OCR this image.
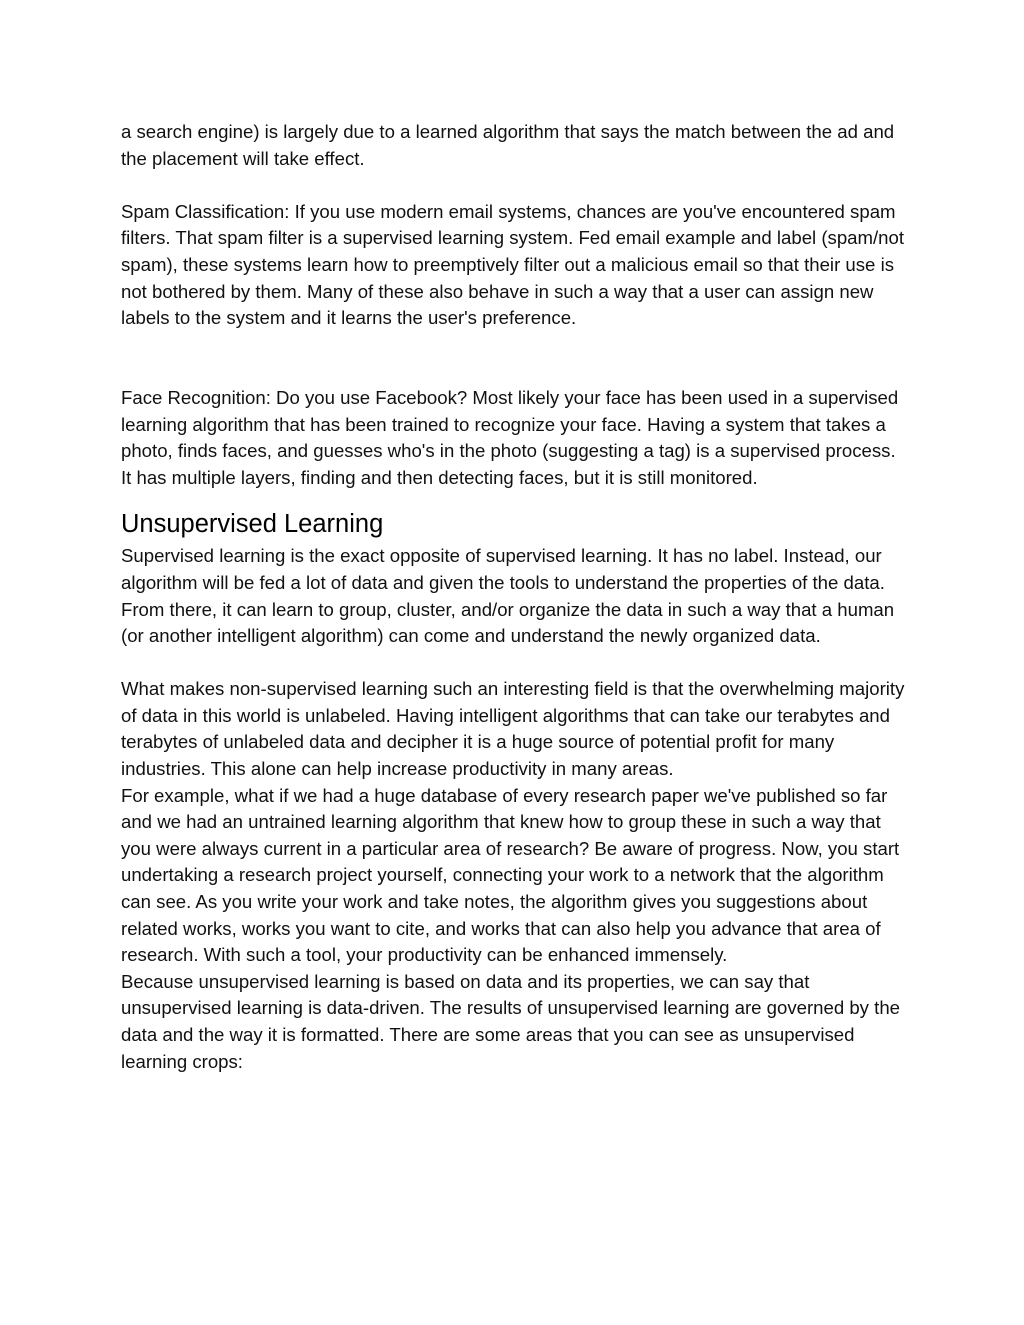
a search engine) is largely due to a learned algorithm that says the match between the ad and the placement will take effect.

Spam Classification: If you use modern email systems, chances are you've encountered spam filters. That spam filter is a supervised learning system. Fed email example and label (spam/not spam), these systems learn how to preemptively filter out a malicious email so that their use is not bothered by them. Many of these also behave in such a way that a user can assign new labels to the system and it learns the user's preference.

Face Recognition: Do you use Facebook? Most likely your face has been used in a supervised learning algorithm that has been trained to recognize your face. Having a system that takes a photo, finds faces, and guesses who's in the photo (suggesting a tag) is a supervised process. It has multiple layers, finding and then detecting faces, but it is still monitored.

Unsupervised Learning

Supervised learning is the exact opposite of supervised learning. It has no label. Instead, our algorithm will be fed a lot of data and given the tools to understand the properties of the data. From there, it can learn to group, cluster, and/or organize the data in such a way that a human (or another intelligent algorithm) can come and understand the newly organized data.

What makes non-supervised learning such an interesting field is that the overwhelming majority of data in this world is unlabeled. Having intelligent algorithms that can take our terabytes and terabytes of unlabeled data and decipher it is a huge source of potential profit for many industries. This alone can help increase productivity in many areas.

For example, what if we had a huge database of every research paper we've published so far and we had an untrained learning algorithm that knew how to group these in such a way that you were always current in a particular area of research? Be aware of progress. Now, you start undertaking a research project yourself, connecting your work to a network that the algorithm can see. As you write your work and take notes, the algorithm gives you suggestions about related works, works you want to cite, and works that can also help you advance that area of research. With such a tool, your productivity can be enhanced immensely.

Because unsupervised learning is based on data and its properties, we can say that unsupervised learning is data-driven. The results of unsupervised learning are governed by the data and the way it is formatted. There are some areas that you can see as unsupervised learning crops:
